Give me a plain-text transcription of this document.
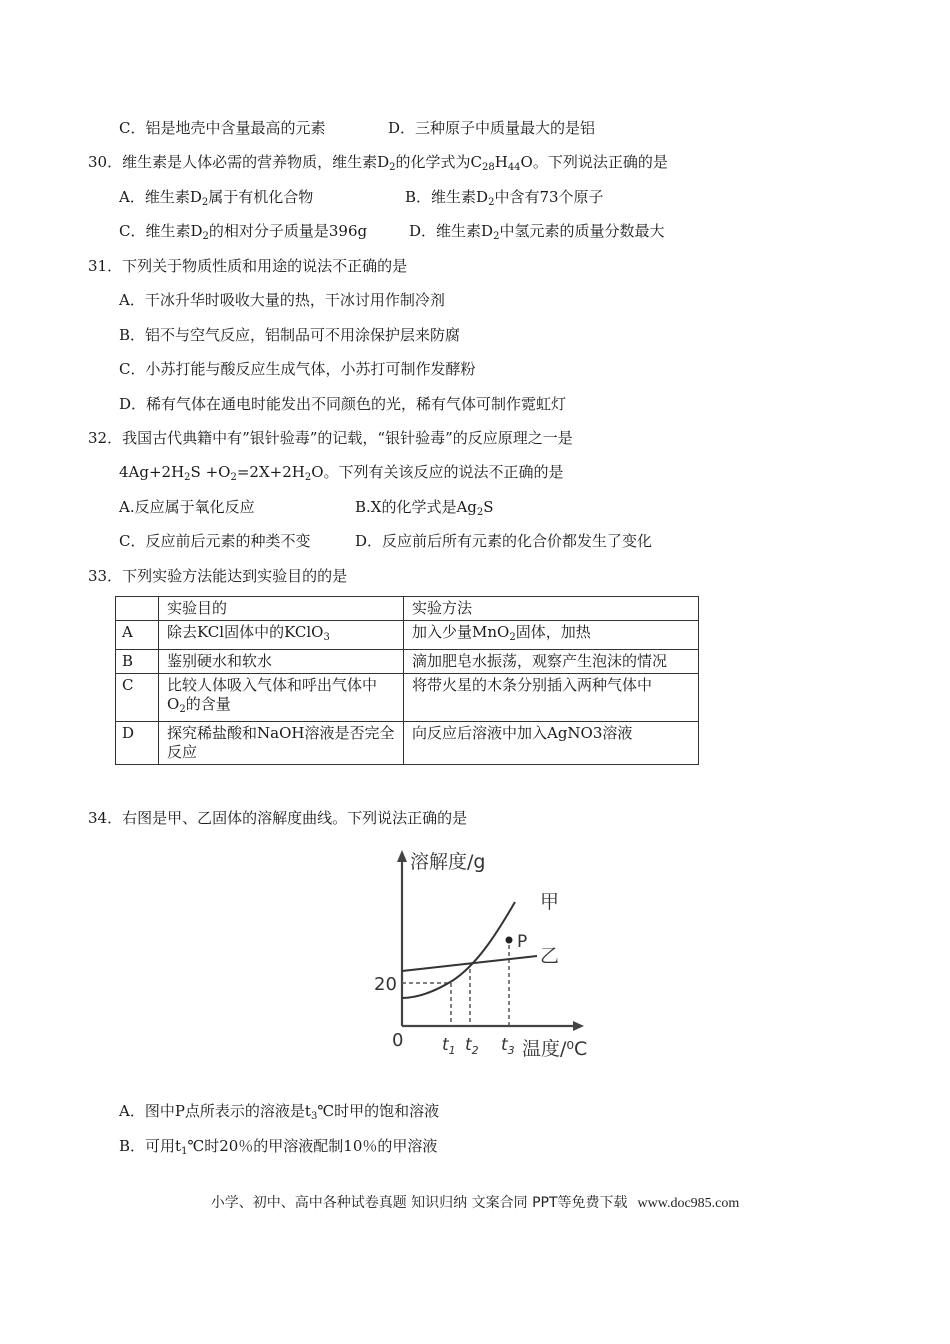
C．铝是地壳中含量最高的元素	D．三种原子中质量最大的是铝
30．维生素是人体必需的营养物质，维生素$D_2$的化学式为$C_{28}H_{44}O$。下列说法正确的是
A．维生素$D_2$属于有机化合物	B．维生素$D_2$中含有73个原子
C．维生素$D_2$的相对分子质量是396g	D．维生素$D_2$中氢元素的质量分数最大
31．下列关于物质性质和用途的说法不正确的是
A．干冰升华时吸收大量的热，干冰讨用作制冷剂
B．铝不与空气反应，铝制品可不用涂保护层来防腐
C．小苏打能与酸反应生成气体，小苏打可制作发酵粉
D．稀有气体在通电时能发出不同颜色的光，稀有气体可制作霓虹灯
32．我国古代典籍中有”银针验毒”的记载，“银针验毒”的反应原理之一是
$4Ag+2H_2S +O_2=2X+2H_2O$。下列有关该反应的说法不正确的是
A.反应属于氧化反应	B.X的化学式是$Ag_2S$
C．反应前后元素的种类不变	D．反应前后所有元素的化合价都发生了变化
33．下列实验方法能达到实验目的的是
	实验目的	实验方法
A	除去KCl固体中的KClO$_3$	加入少量MnO$_2$固体，加热
B	鉴别硬水和软水	滴加肥皂水振荡，观察产生泡沫的情况
C	比较人体吸入气体和呼出气体中$O_2$的含量	将带火星的木条分别插入两种气体中
D	探究稀盐酸和NaOH溶液是否完全反应	向反应后溶液中加入AgNO3溶液
34．右图是甲、乙固体的溶解度曲线。下列说法正确的是
P
甲
乙
溶解度/g
温度/⁰C
20
0 $t_1$ $t_2$ $t_3$
A．图中P点所表示的溶液是$t_3℃$时甲的饱和溶液
B．可用$t_1℃$时20％的甲溶液配制10％的甲溶液
小学、初中、高中各种试卷真题 知识归纳 文案合同 PPT等免费下载 www.doc985.com
